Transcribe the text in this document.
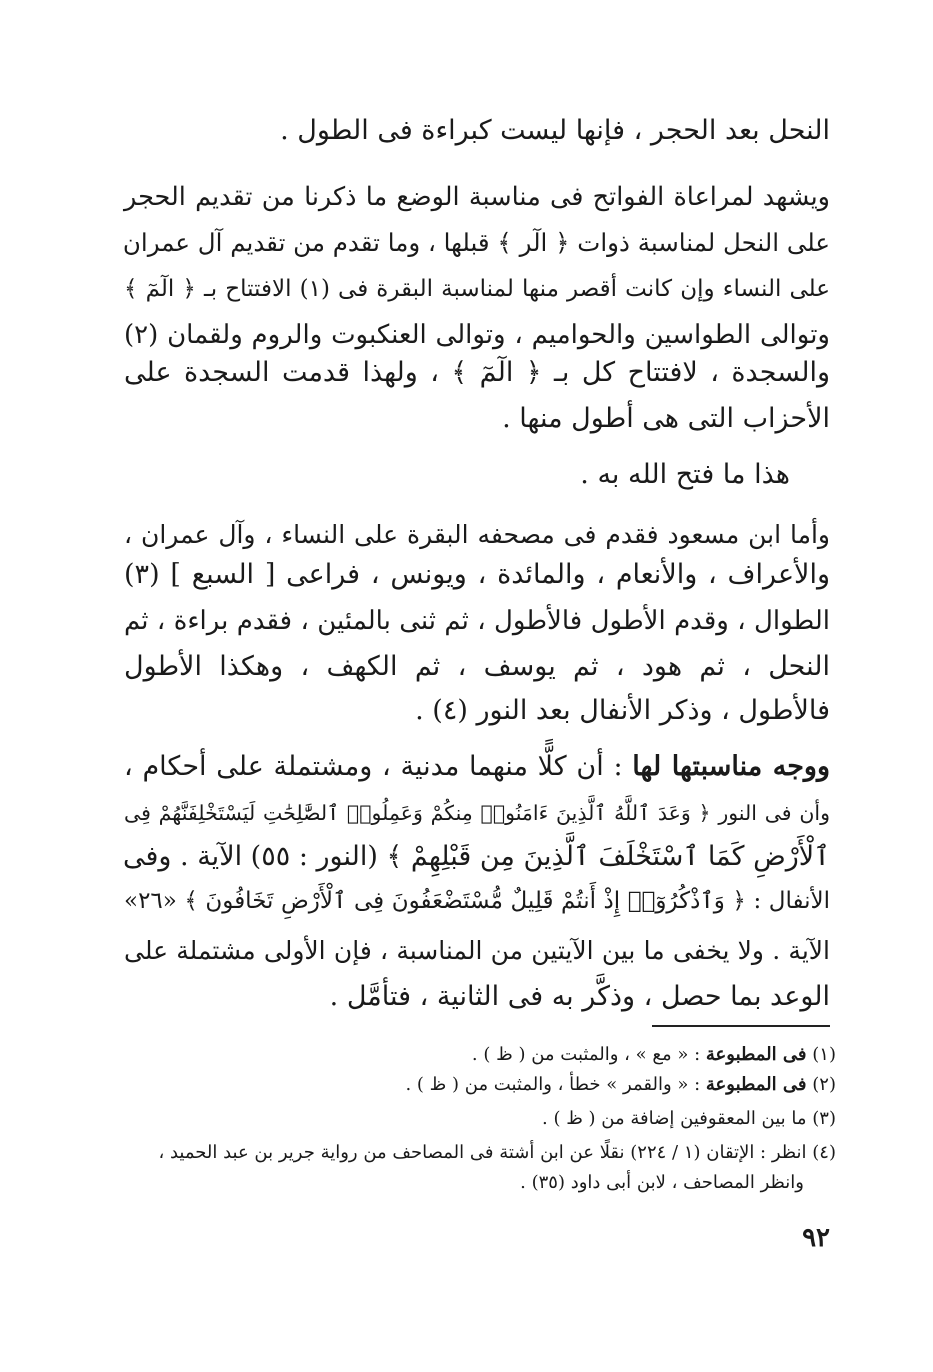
النحل بعد الحجر ، فإنها ليست كبراءة فى الطول .
ويشهد لمراعاة الفواتح فى مناسبة الوضع ما ذكرنا من تقديم الحجر
على النحل لمناسبة ذوات ﴿ الٓر ﴾ قبلها ، وما تقدم من تقديم آل عمران
على النساء وإن كانت أقصر منها لمناسبة البقرة فى (١) الافتتاح بـ ﴿ الٓمٓ ﴾
وتوالى الطواسين والحواميم ، وتوالى العنكبوت والروم ولقمان (٢)
والسجدة ، لافتتاح كل بـ ﴿ الٓمٓ ﴾ ، ولهذا قدمت السجدة على
الأحزاب التى هى أطول منها .
هذا ما فتح الله به .
وأما ابن مسعود فقدم فى مصحفه البقرة على النساء ، وآل عمران ،
والأعراف ، والأنعام ، والمائدة ، ويونس ، فراعى [ السبع ] (٣)
الطوال ، وقدم الأطول فالأطول ، ثم ثنى بالمئين ، فقدم براءة ، ثم
النحل ، ثم هود ، ثم يوسف ، ثم الكهف ، وهكذا الأطول
فالأطول ، وذكر الأنفال بعد النور (٤) .
ووجه مناسبتها لها : أن كلًّا منهما مدنية ، ومشتملة على أحكام ،
وأن فى النور ﴿ وَعَدَ ٱللَّهُ ٱلَّذِينَ ءَامَنُوا۟ مِنكُمْ وَعَمِلُوا۟ ٱلصَّٰلِحَٰتِ لَيَسْتَخْلِفَنَّهُمْ فِى
ٱلْأَرْضِ كَمَا ٱسْتَخْلَفَ ٱلَّذِينَ مِن قَبْلِهِمْ ﴾ (النور : ٥٥) الآية . وفى
الأنفال : ﴿ وَٱذْكُرُوٓا۟ إِذْ أَنتُمْ قَلِيلٌ مُّسْتَضْعَفُونَ فِى ٱلْأَرْضِ تَخَافُونَ ﴾ «٢٦»
الآية . ولا يخفى ما بين الآيتين من المناسبة ، فإن الأولى مشتملة على
الوعد بما حصل ، وذكَّر به فى الثانية ، فتأمَّل .
(١) فى المطبوعة : « مع » ، والمثبت من ( ظ ) .
(٢) فى المطبوعة : « والقمر » خطأ ، والمثبت من ( ظ ) .
(٣) ما بين المعقوفين إضافة من ( ظ ) .
(٤) انظر : الإتقان (١ / ٢٢٤) نقلًا عن ابن أشتة فى المصاحف من رواية جرير بن عبد الحميد ،
وانظر المصاحف ، لابن أبى داود (٣٥) .
٩٢
